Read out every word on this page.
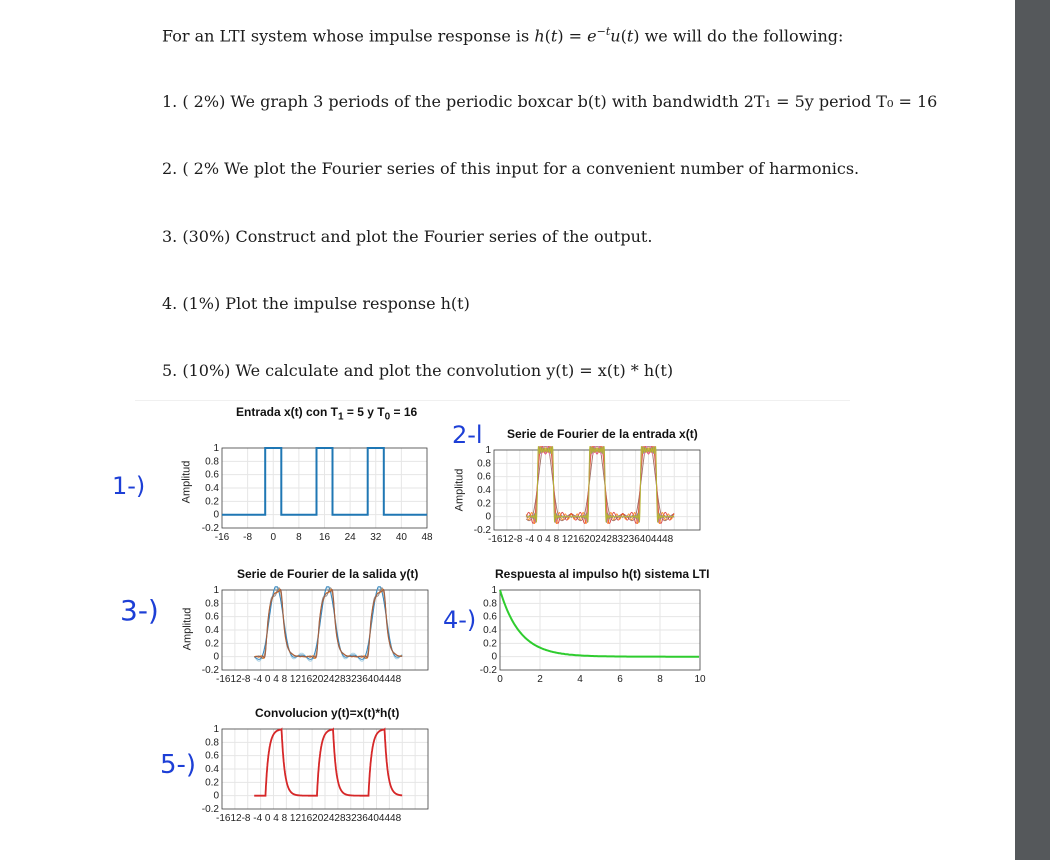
For an LTI system whose impulse response is $h(t) = e^{-t}u(t)$ we will do the following:
1. ( 2%) We graph 3 periods of the periodic boxcar b(t) with bandwidth 2T₁ = 5y period T₀ = 16
2. ( 2% We plot the Fourier series of this input for a convenient number of harmonics.
3. (30%) Construct and plot the Fourier series of the output.
4. (1%) Plot the impulse response h(t)
5. (10%) We calculate and plot the convolution y(t) = x(t) * h(t)
Entrada x(t) con $T_1 = 5$ y $T_0 = 16$
Amplitud
1
0.8
0.6
0.4
0.2
0
-0.2
-16 -8 0 8 16 24 32 40 48
Serie de Fourier de la entrada x(t)
Amplitud
1
0.8
0.6
0.4
0.2
0
-0.2
-1612-8 -4 0 4 8 12162024283236404448
Serie de Fourier de la salida y(t)
Amplitud
1
0.8
0.6
0.4
0.2
0
-0.2
-1612-8 -4 0 4 8 12162024283236404448
Respuesta al impulso h(t) sistema LTI
1
0.8
0.6
0.4
0.2
0
-0.2
0	2	4	6	8	10
Convolucion y(t)=x(t)*h(t)
1
0.8
0.6
0.4
0.2
0
-0.2
-1612-8 -4 0 4 8 12162024283236404448
1-)
2-l
3-)	4-)
5-)
